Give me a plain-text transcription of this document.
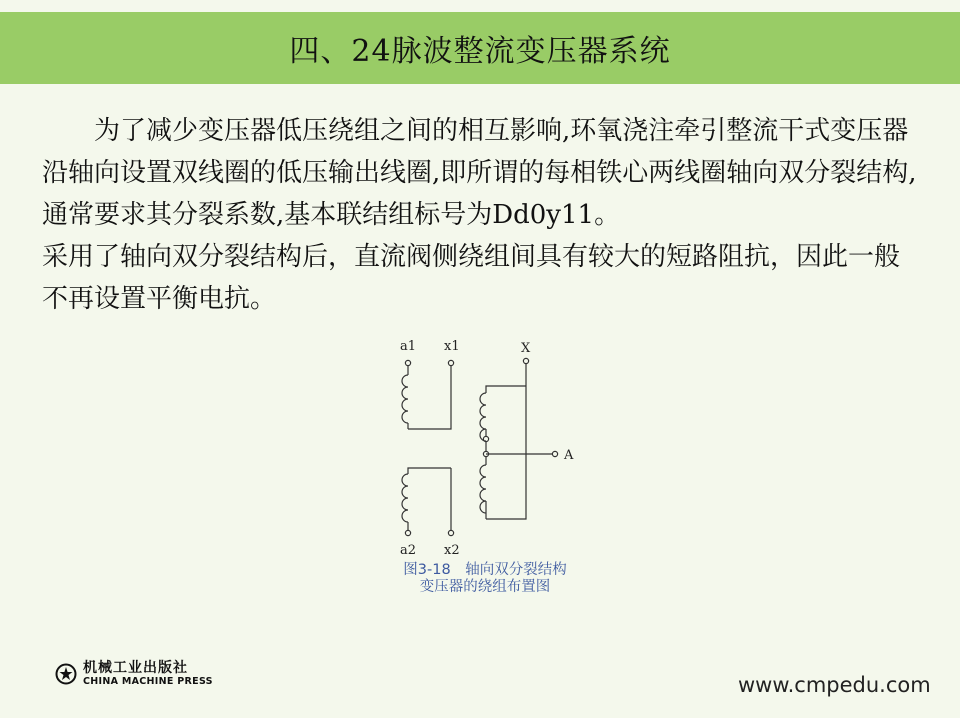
四、24脉波整流变压器系统

为了减少变压器低压绕组之间的相互影响,环氧浇注牵引整流干式变压器沿轴向设置双线圈的低压输出线圈,即所谓的每相铁心两线圈轴向双分裂结构,通常要求其分裂系数,基本联结组标号为Dd0y11。

采用了轴向双分裂结构后，直流阀侧绕组间具有较大的短路阻抗，因此一般不再设置平衡电抗。

a1 x1	X
A
a2 x2
图3-18　轴向双分裂结构
变压器的绕组布置图
机械工业出版社
CHINA MACHINE PRESS	www.cmpedu.com
